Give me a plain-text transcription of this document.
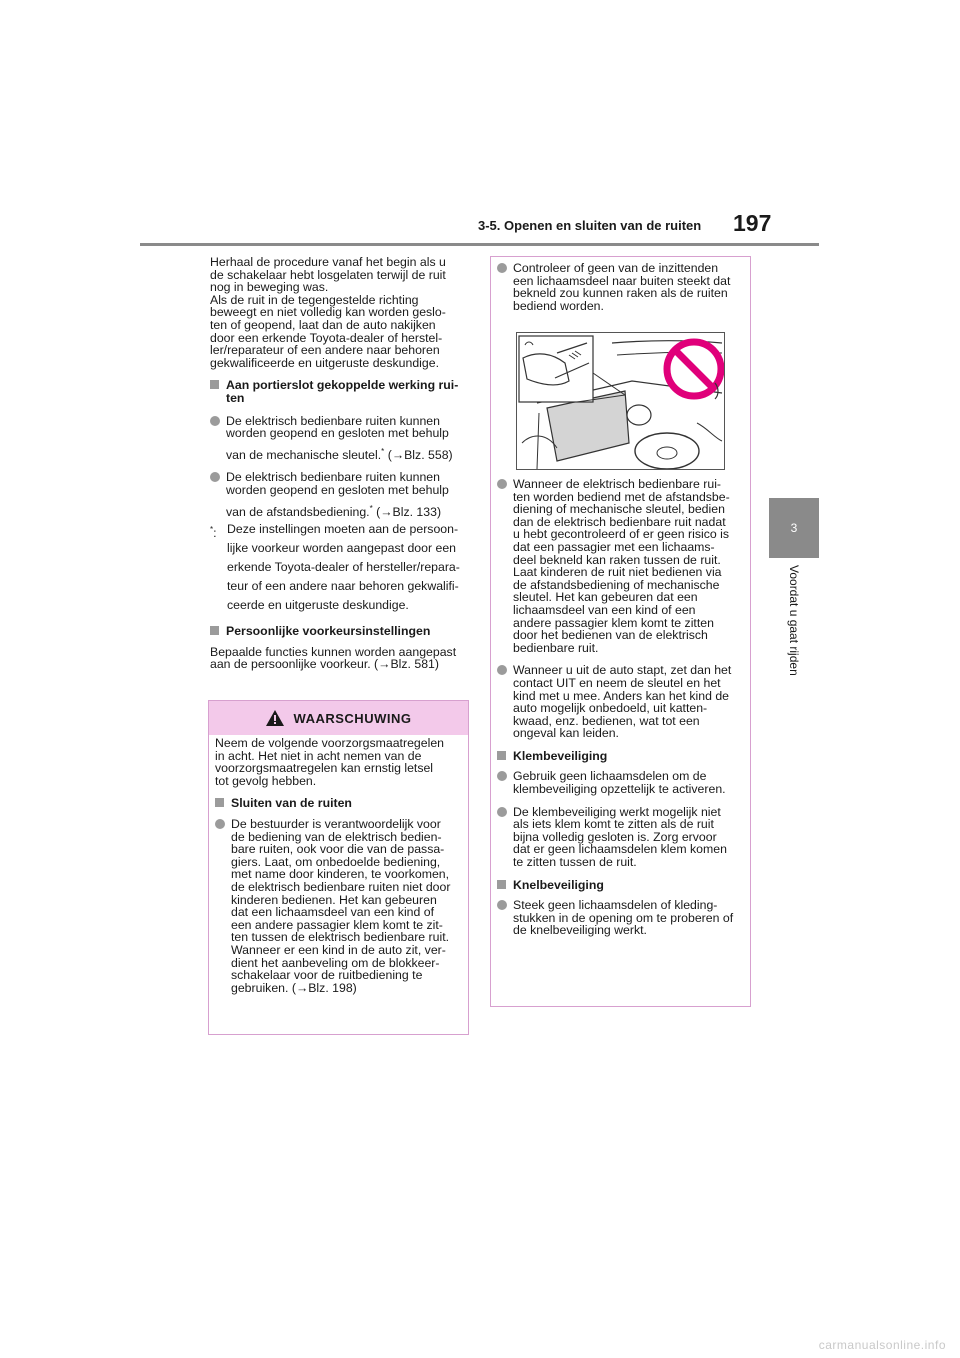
3-5. Openen en sluiten van de ruiten 197
3
Voordat u gaat rijden
Herhaal de procedure vanaf het begin als u
de schakelaar hebt losgelaten terwijl de ruit
nog in beweging was.
Als de ruit in de tegengestelde richting
beweegt en niet volledig kan worden geslo-
ten of geopend, laat dan de auto nakijken
door een erkende Toyota-dealer of herstel-
ler/reparateur of een andere naar behoren
gekwalificeerde en uitgeruste deskundige.
Aan portierslot gekoppelde werking rui-
ten
De elektrisch bedienbare ruiten kunnen
worden geopend en gesloten met behulp
van de mechanische sleutel.* (→Blz. 558)
De elektrisch bedienbare ruiten kunnen
worden geopend en gesloten met behulp
van de afstandsbediening.* (→Blz. 133)
*: Deze instellingen moeten aan de persoon-
lijke voorkeur worden aangepast door een
erkende Toyota-dealer of hersteller/repara-
teur of een andere naar behoren gekwalifi-
ceerde en uitgeruste deskundige.
Persoonlijke voorkeursinstellingen
Bepaalde functies kunnen worden aangepast
aan de persoonlijke voorkeur. (→Blz. 581)
WAARSCHUWING
Neem de volgende voorzorgsmaatregelen
in acht. Het niet in acht nemen van de
voorzorgsmaatregelen kan ernstig letsel
tot gevolg hebben.
Sluiten van de ruiten
De bestuurder is verantwoordelijk voor
de bediening van de elektrisch bedien-
bare ruiten, ook voor die van de passa-
giers. Laat, om onbedoelde bediening,
met name door kinderen, te voorkomen,
de elektrisch bedienbare ruiten niet door
kinderen bedienen. Het kan gebeuren
dat een lichaamsdeel van een kind of
een andere passagier klem komt te zit-
ten tussen de elektrisch bedienbare ruit.
Wanneer er een kind in de auto zit, ver-
dient het aanbeveling om de blokkeer-
schakelaar voor de ruitbediening te
gebruiken. (→Blz. 198)
Controleer of geen van de inzittenden
een lichaamsdeel naar buiten steekt dat
bekneld zou kunnen raken als de ruiten
bediend worden.
Wanneer de elektrisch bedienbare rui-
ten worden bediend met de afstandsbe-
diening of mechanische sleutel, bedien
dan de elektrisch bedienbare ruit nadat
u hebt gecontroleerd of er geen risico is
dat een passagier met een lichaams-
deel bekneld kan raken tussen de ruit.
Laat kinderen de ruit niet bedienen via
de afstandsbediening of mechanische
sleutel. Het kan gebeuren dat een
lichaamsdeel van een kind of een
andere passagier klem komt te zitten
door het bedienen van de elektrisch
bedienbare ruit.
Wanneer u uit de auto stapt, zet dan het
contact UIT en neem de sleutel en het
kind met u mee. Anders kan het kind de
auto mogelijk onbedoeld, uit katten-
kwaad, enz. bedienen, wat tot een
ongeval kan leiden.
Klembeveiliging
Gebruik geen lichaamsdelen om de
klembeveiliging opzettelijk te activeren.
De klembeveiliging werkt mogelijk niet
als iets klem komt te zitten als de ruit
bijna volledig gesloten is. Zorg ervoor
dat er geen lichaamsdelen klem komen
te zitten tussen de ruit.
Knelbeveiliging
Steek geen lichaamsdelen of kleding-
stukken in de opening om te proberen of
de knelbeveiliging werkt.
carmanualsonline.info
